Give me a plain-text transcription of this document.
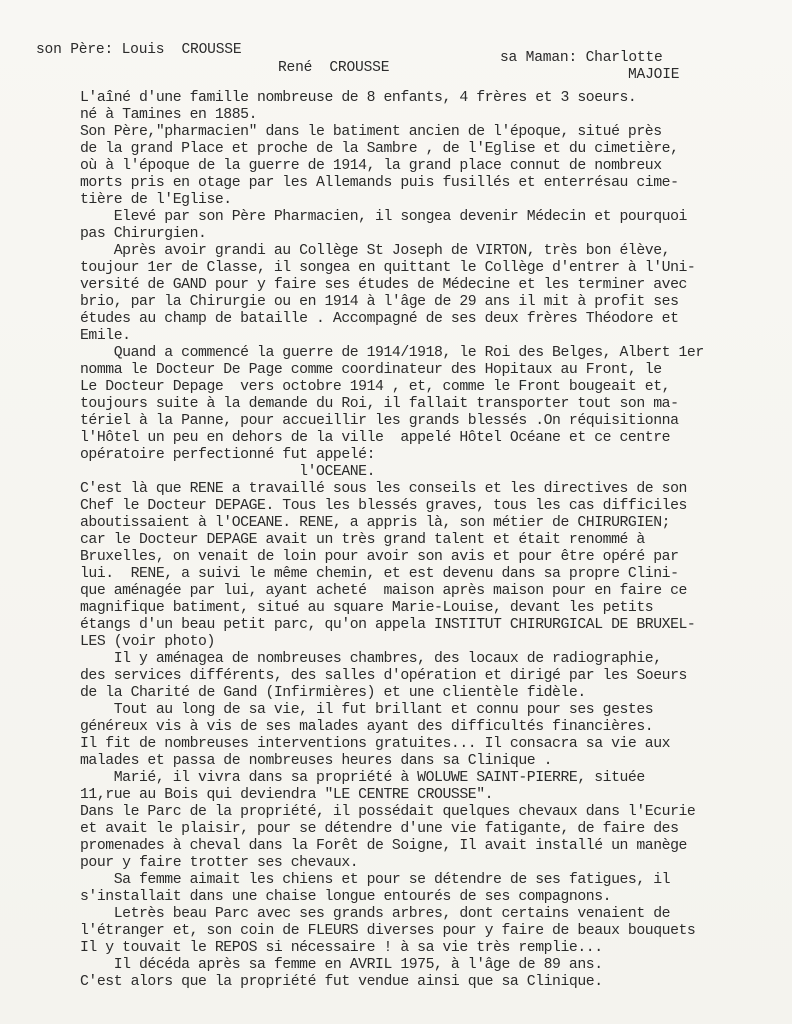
son Père: Louis  CROUSSE
René  CROUSSE
sa Maman: Charlotte
MAJOIE
L'aîné d'une famille nombreuse de 8 enfants, 4 frères et 3 soeurs.
né à Tamines en 1885.
Son Père,"pharmacien" dans le batiment ancien de l'époque, situé près
de la grand Place et proche de la Sambre , de l'Eglise et du cimetière,
où à l'époque de la guerre de 1914, la grand place connut de nombreux
morts pris en otage par les Allemands puis fusillés et enterrésau cime-
tière de l'Eglise.
Elevé par son Père Pharmacien, il songea devenir Médecin et pourquoi
pas Chirurgien.
Après avoir grandi au Collège St Joseph de VIRTON, très bon élève,
toujour 1er de Classe, il songea en quittant le Collège d'entrer à l'Uni-
versité de GAND pour y faire ses études de Médecine et les terminer avec
brio, par la Chirurgie ou en 1914 à l'âge de 29 ans il mit à profit ses
études au champ de bataille . Accompagné de ses deux frères Théodore et
Emile.
Quand a commencé la guerre de 1914/1918, le Roi des Belges, Albert 1er
nomma le Docteur De Page comme coordinateur des Hopitaux au Front, le
Le Docteur Depage  vers octobre 1914 , et, comme le Front bougeait et,
toujours suite à la demande du Roi, il fallait transporter tout son ma-
tériel à la Panne, pour accueillir les grands blessés .On réquisitionna
l'Hôtel un peu en dehors de la ville  appelé Hôtel Océane et ce centre
opératoire perfectionné fut appelé:
l'OCEANE.
C'est là que RENE a travaillé sous les conseils et les directives de son
Chef le Docteur DEPAGE. Tous les blessés graves, tous les cas difficiles
aboutissaient à l'OCEANE. RENE, a appris là, son métier de CHIRURGIEN;
car le Docteur DEPAGE avait un très grand talent et était renommé à
Bruxelles, on venait de loin pour avoir son avis et pour être opéré par
lui.  RENE, a suivi le même chemin, et est devenu dans sa propre Clini-
que aménagée par lui, ayant acheté  maison après maison pour en faire ce
magnifique batiment, situé au square Marie-Louise, devant les petits
étangs d'un beau petit parc, qu'on appela INSTITUT CHIRURGICAL DE BRUXEL-
LES (voir photo)
Il y aménagea de nombreuses chambres, des locaux de radiographie,
des services différents, des salles d'opération et dirigé par les Soeurs
de la Charité de Gand (Infirmières) et une clientèle fidèle.
Tout au long de sa vie, il fut brillant et connu pour ses gestes
généreux vis à vis de ses malades ayant des difficultés financières.
Il fit de nombreuses interventions gratuites... Il consacra sa vie aux
malades et passa de nombreuses heures dans sa Clinique .
Marié, il vivra dans sa propriété à WOLUWE SAINT-PIERRE, située
11,rue au Bois qui deviendra "LE CENTRE CROUSSE".
Dans le Parc de la propriété, il possédait quelques chevaux dans l'Ecurie
et avait le plaisir, pour se détendre d'une vie fatigante, de faire des
promenades à cheval dans la Forêt de Soigne, Il avait installé un manège
pour y faire trotter ses chevaux.
Sa femme aimait les chiens et pour se détendre de ses fatigues, il
s'installait dans une chaise longue entourés de ses compagnons.
Letrès beau Parc avec ses grands arbres, dont certains venaient de
l'étranger et, son coin de FLEURS diverses pour y faire de beaux bouquets
Il y touvait le REPOS si nécessaire ! à sa vie très remplie...
Il décéda après sa femme en AVRIL 1975, à l'âge de 89 ans.
C'est alors que la propriété fut vendue ainsi que sa Clinique.
